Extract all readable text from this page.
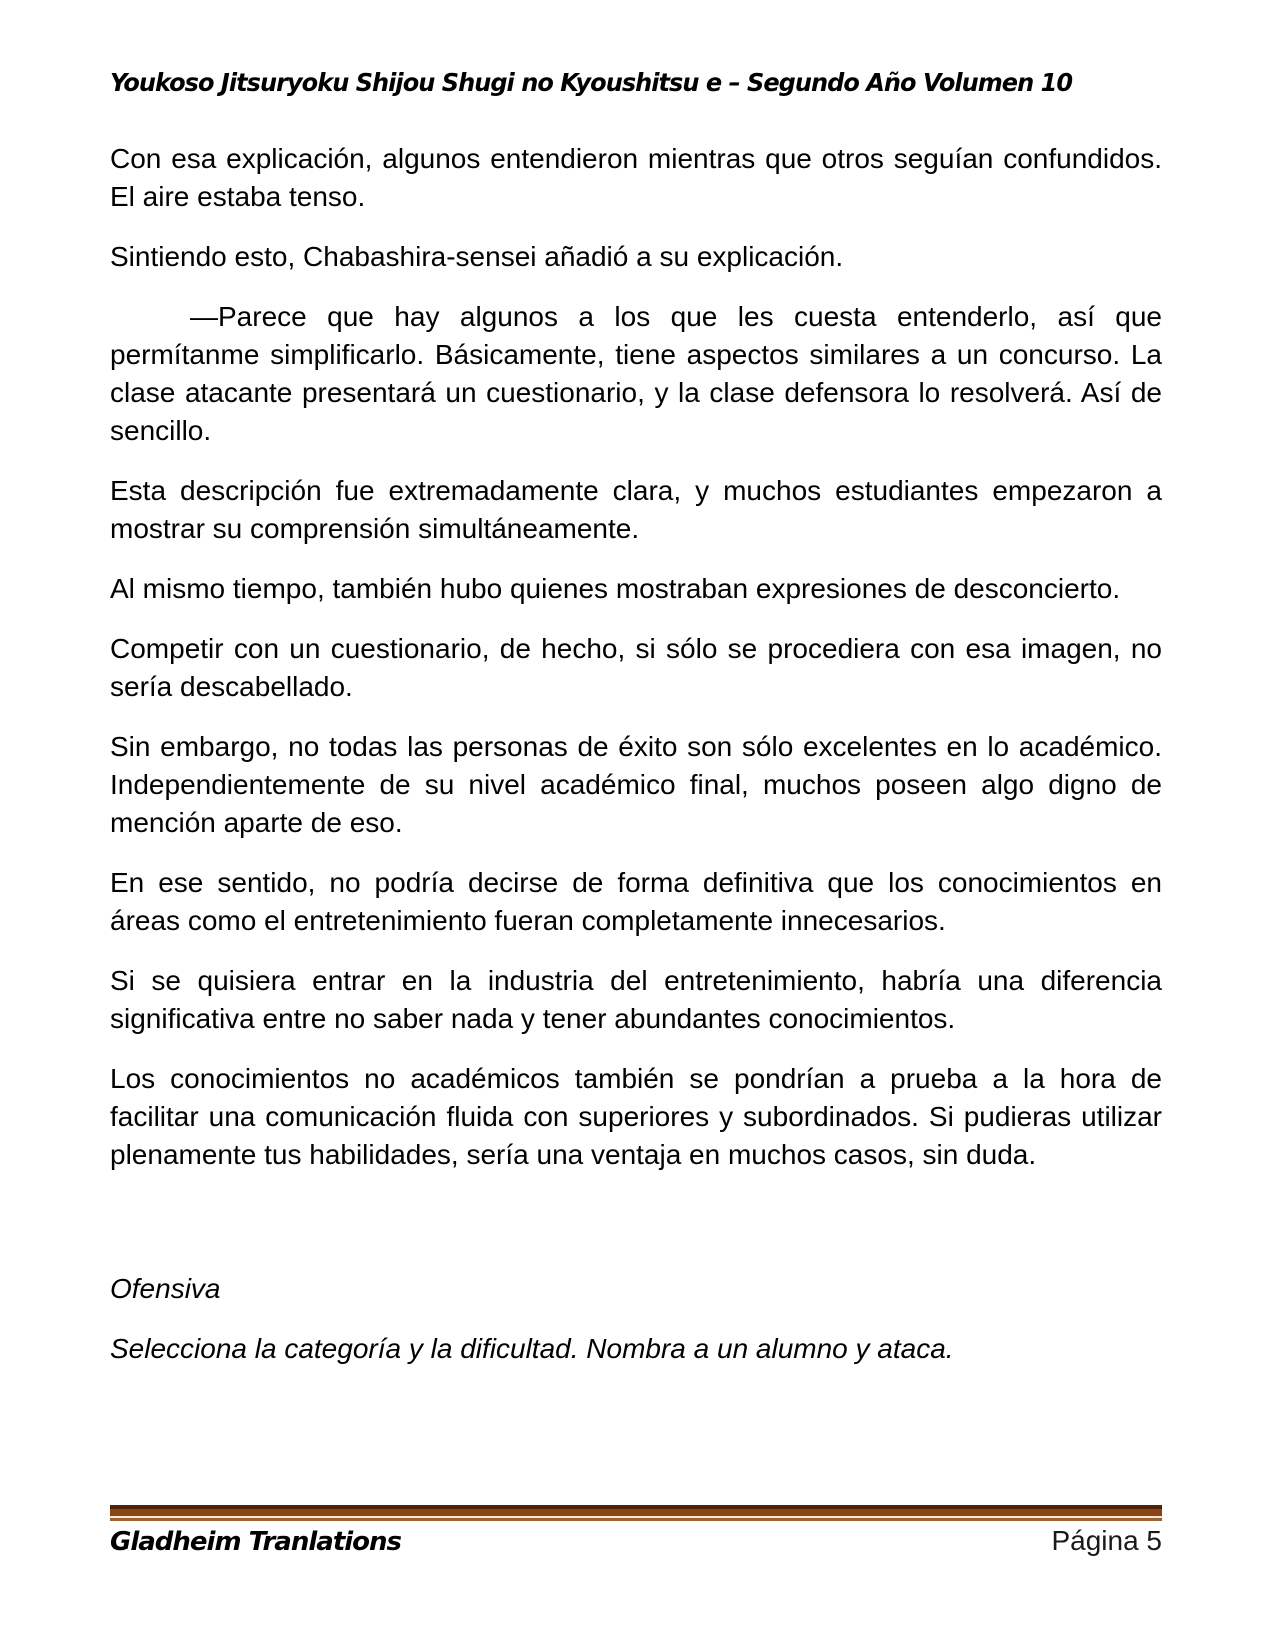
Youkoso Jitsuryoku Shijou Shugi no Kyoushitsu e – Segundo Año Volumen 10

Con esa explicación, algunos entendieron mientras que otros seguían confundidos. El aire estaba tenso.

Sintiendo esto, Chabashira-sensei añadió a su explicación.

—Parece que hay algunos a los que les cuesta entenderlo, así que permítanme simplificarlo. Básicamente, tiene aspectos similares a un concurso. La clase atacante presentará un cuestionario, y la clase defensora lo resolverá. Así de sencillo.

Esta descripción fue extremadamente clara, y muchos estudiantes empezaron a mostrar su comprensión simultáneamente.

Al mismo tiempo, también hubo quienes mostraban expresiones de desconcierto.

Competir con un cuestionario, de hecho, si sólo se procediera con esa imagen, no sería descabellado.

Sin embargo, no todas las personas de éxito son sólo excelentes en lo académico. Independientemente de su nivel académico final, muchos poseen algo digno de mención aparte de eso.

En ese sentido, no podría decirse de forma definitiva que los conocimientos en áreas como el entretenimiento fueran completamente innecesarios.

Si se quisiera entrar en la industria del entretenimiento, habría una diferencia significativa entre no saber nada y tener abundantes conocimientos.

Los conocimientos no académicos también se pondrían a prueba a la hora de facilitar una comunicación fluida con superiores y subordinados. Si pudieras utilizar plenamente tus habilidades, sería una ventaja en muchos casos, sin duda.

Ofensiva

Selecciona la categoría y la dificultad. Nombra a un alumno y ataca.

Gladheim Tranlations	Página 5
